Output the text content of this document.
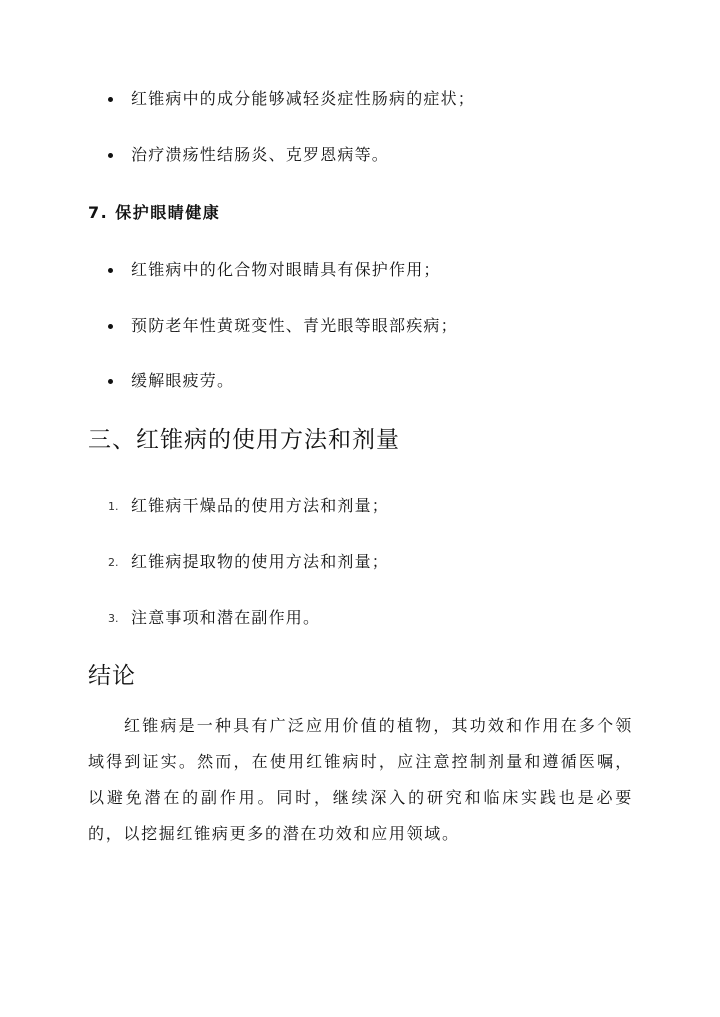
红锥病中的成分能够减轻炎症性肠病的症状；
治疗溃疡性结肠炎、克罗恩病等。
7. 保护眼睛健康
红锥病中的化合物对眼睛具有保护作用；
预防老年性黄斑变性、青光眼等眼部疾病；
缓解眼疲劳。
三、红锥病的使用方法和剂量
1. 红锥病干燥品的使用方法和剂量；
2. 红锥病提取物的使用方法和剂量；
3. 注意事项和潜在副作用。
结论

红锥病是一种具有广泛应用价值的植物，其功效和作用在多个领域得到证实。然而，在使用红锥病时，应注意控制剂量和遵循医嘱，以避免潜在的副作用。同时，继续深入的研究和临床实践也是必要的，以挖掘红锥病更多的潜在功效和应用领域。
